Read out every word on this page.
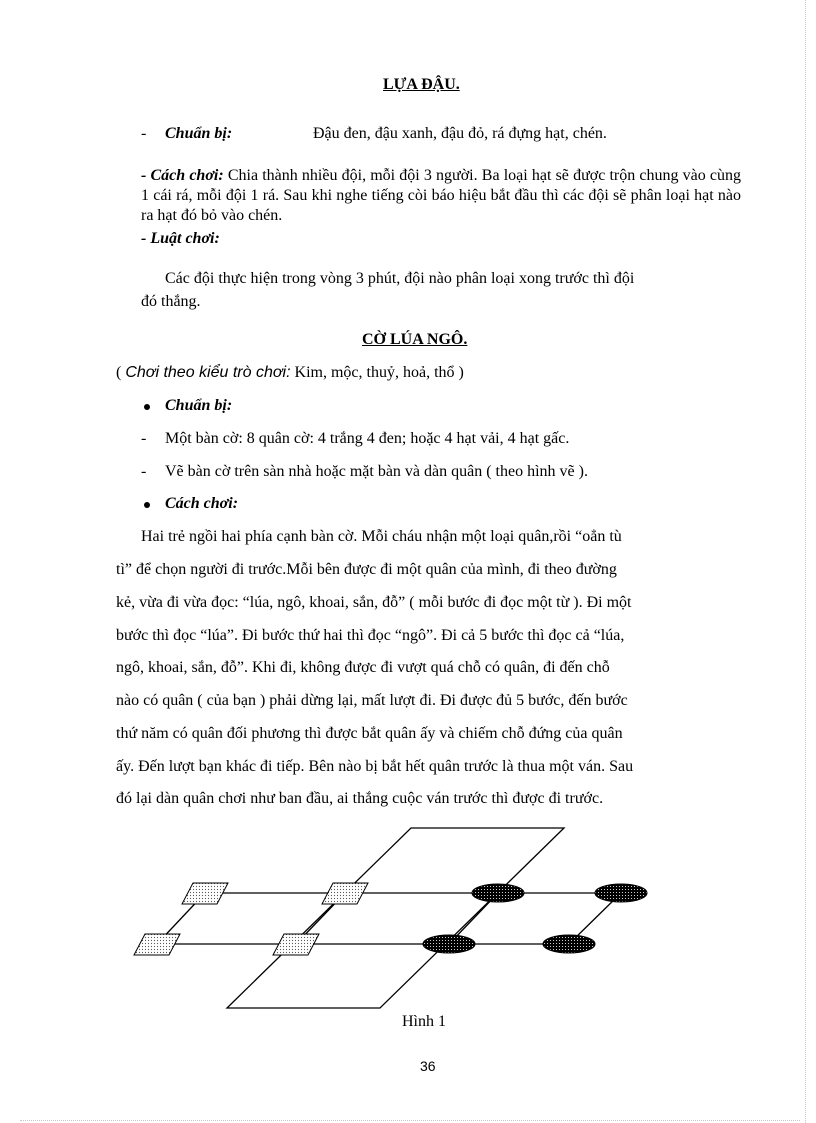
LỰA ĐẬU.
- Chuẩn bị:	Đậu đen, đậu xanh, đậu đỏ, rá đựng hạt, chén.
- Cách chơi: Chia thành nhiều đội, mỗi đội 3 người. Ba loại hạt sẽ được trộn chung vào cùng 1 cái rá, mỗi đội 1 rá. Sau khi nghe tiếng còi báo hiệu bắt đầu thì các đội sẽ phân loại hạt nào ra hạt đó bỏ vào chén.
- Luật chơi:
Các đội thực hiện trong vòng 3 phút, đội nào phân loại xong trước thì đội
đó thắng.
CỜ LÚA NGÔ.
( Chơi theo kiểu trò chơi: Kim, mộc, thuỷ, hoả, thổ )
Chuẩn bị:
- Một bàn cờ: 8 quân cờ: 4 trắng 4 đen; hoặc 4 hạt vải, 4 hạt gấc.
- Vẽ bàn cờ trên sàn nhà hoặc mặt bàn và dàn quân ( theo hình vẽ ).
Cách chơi:
Hai trẻ ngồi hai phía cạnh bàn cờ. Mỗi cháu nhận một loại quân,rồi “oẳn tù
tì” để chọn người đi trước.Mỗi bên được đi một quân của mình, đi theo đường
kẻ, vừa đi vừa đọc: “lúa, ngô, khoai, sắn, đỗ” ( mỗi bước đi đọc một từ ). Đi một
bước thì đọc “lúa”. Đi bước thứ hai thì đọc “ngô”. Đi cả 5 bước thì đọc cả “lúa,
ngô, khoai, sắn, đỗ”. Khi đi, không được đi vượt quá chỗ có quân, đi đến chỗ
nào có quân ( của bạn ) phải dừng lại, mất lượt đi. Đi được đủ 5 bước, đến bước
thứ năm có quân đối phương thì được bắt quân ấy và chiếm chỗ đứng của quân
ấy. Đến lượt bạn khác đi tiếp. Bên nào bị bắt hết quân trước là thua một ván. Sau
đó lại dàn quân chơi như ban đầu, ai thắng cuộc ván trước thì được đi trước.
Hình 1
36
